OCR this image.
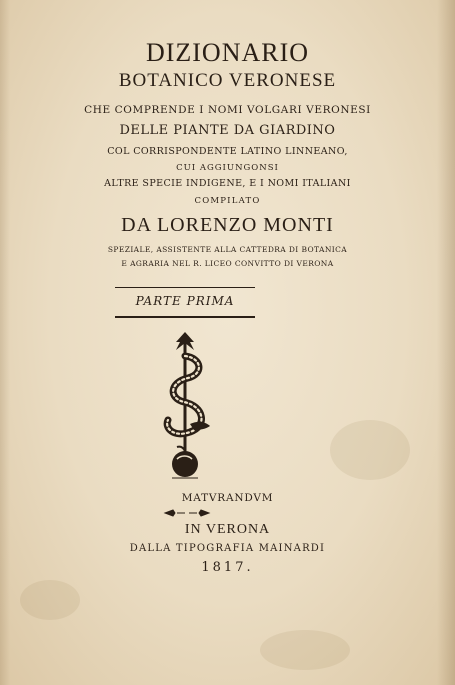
DIZIONARIO
BOTANICO VERONESE
CHE COMPRENDE I NOMI VOLGARI VERONESI
DELLE PIANTE DA GIARDINO
COL CORRISPONDENTE LATINO LINNEANO,
CUI AGGIUNGONSI
ALTRE SPECIE INDIGENE, E I NOMI ITALIANI
COMPILATO
DA LORENZO MONTI
SPEZIALE, ASSISTENTE ALLA CATTEDRA DI BOTANICA
E AGRARIA NEL R. LICEO CONVITTO DI VERONA
PARTE PRIMA
MATVRANDVM
IN VERONA
DALLA TIPOGRAFIA MAINARDI
1817.
